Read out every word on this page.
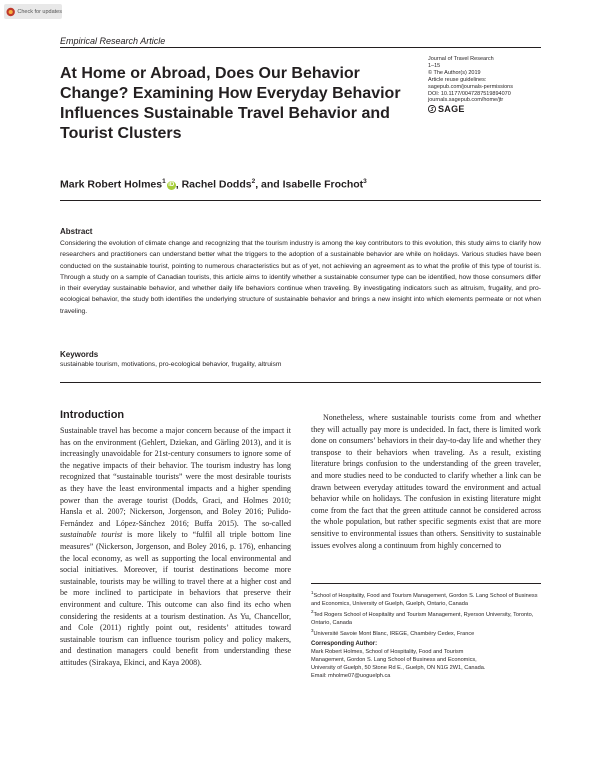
Check for updates
Empirical Research Article
Journal of Travel Research
1–15
© The Author(s) 2019
Article reuse guidelines:
sagepub.com/journals-permissions
DOI: 10.1177/0047287519894070
journals.sagepub.com/home/jtr
SAGE
At Home or Abroad, Does Our Behavior Change? Examining How Everyday Behavior Influences Sustainable Travel Behavior and Tourist Clusters
Mark Robert Holmes$^1$ iD , Rachel Dodds$^2$, and Isabelle Frochot$^3$
Abstract
Considering the evolution of climate change and recognizing that the tourism industry is among the key contributors to this evolution, this study aims to clarify how researchers and practitioners can understand better what the triggers to the adoption of a sustainable behavior are while on holidays. Various studies have been conducted on the sustainable tourist, pointing to numerous characteristics but as of yet, not achieving an agreement as to what the profile of this type of tourist is. Through a study on a sample of Canadian tourists, this article aims to identify whether a sustainable consumer type can be identified, how those consumers differ in their everyday sustainable behavior, and whether daily life behaviors continue when traveling. By investigating indicators such as altruism, frugality, and pro-ecological behavior, the study both identifies the underlying structure of sustainable behavior and brings a new insight into which elements permeate or not when traveling.
Keywords
sustainable tourism, motivations, pro-ecological behavior, frugality, altruism
Introduction
Sustainable travel has become a major concern because of the impact it has on the environment (Gehlert, Dziekan, and Gärling 2013), and it is increasingly unavoidable for 21st-century consumers to ignore some of the negative impacts of their behavior. The tourism industry has long recognized that “sustainable tourists” were the most desirable tourists as they have the least environmental impacts and a higher spending power than the average tourist (Dodds, Graci, and Holmes 2010; Hansla et al. 2007; Nickerson, Jorgenson, and Boley 2016; Pulido-Fernández and López-Sánchez 2016; Buffa 2015). The so-called sustainable tourist is more likely to “fulfil all triple bottom line measures” (Nickerson, Jorgenson, and Boley 2016, p. 176), enhancing the local economy, as well as supporting the local environmental and social initiatives. Moreover, if tourist destinations become more sustainable, tourists may be willing to travel there at a higher cost and be more inclined to participate in behaviors that preserve their environment and culture. This outcome can also find its echo when considering the residents at a tourism destination. As Yu, Chancellor, and Cole (2011) rightly point out, residents’ attitudes toward sustainable tourism can influence tourism policy and policy makers, and destination managers could benefit from understanding these attitudes (Sirakaya, Ekinci, and Kaya 2008).
Nonetheless, where sustainable tourists come from and whether they will actually pay more is undecided. In fact, there is limited work done on consumers’ behaviors in their day-to-day life and whether they transpose to their behaviors when traveling. As a result, existing literature brings confusion to the understanding of the green traveler, and more studies need to be conducted to clarify whether a link can be drawn between everyday attitudes toward the environment and actual behavior while on holidays. The confusion in existing literature might come from the fact that the green attitude cannot be considered across the whole population, but rather specific segments exist that are more sensitive to environmental issues than others. Sensitivity to sustainable issues evolves along a continuum from highly concerned to
$^1$School of Hospitality, Food and Tourism Management, Gordon S. Lang School of Business and Economics, University of Guelph, Guelph, Ontario, Canada
$^2$Ted Rogers School of Hospitality and Tourism Management, Ryerson University, Toronto, Ontario, Canada
$^3$Université Savoie Mont Blanc, IREGE, Chambéry Cedex, France
Corresponding Author:
Mark Robert Holmes, School of Hospitality, Food and Tourism
Management, Gordon S. Lang School of Business and Economics,
University of Guelph, 50 Stone Rd E., Guelph, ON N1G 2W1, Canada.
Email: mholme07@uoguelph.ca
